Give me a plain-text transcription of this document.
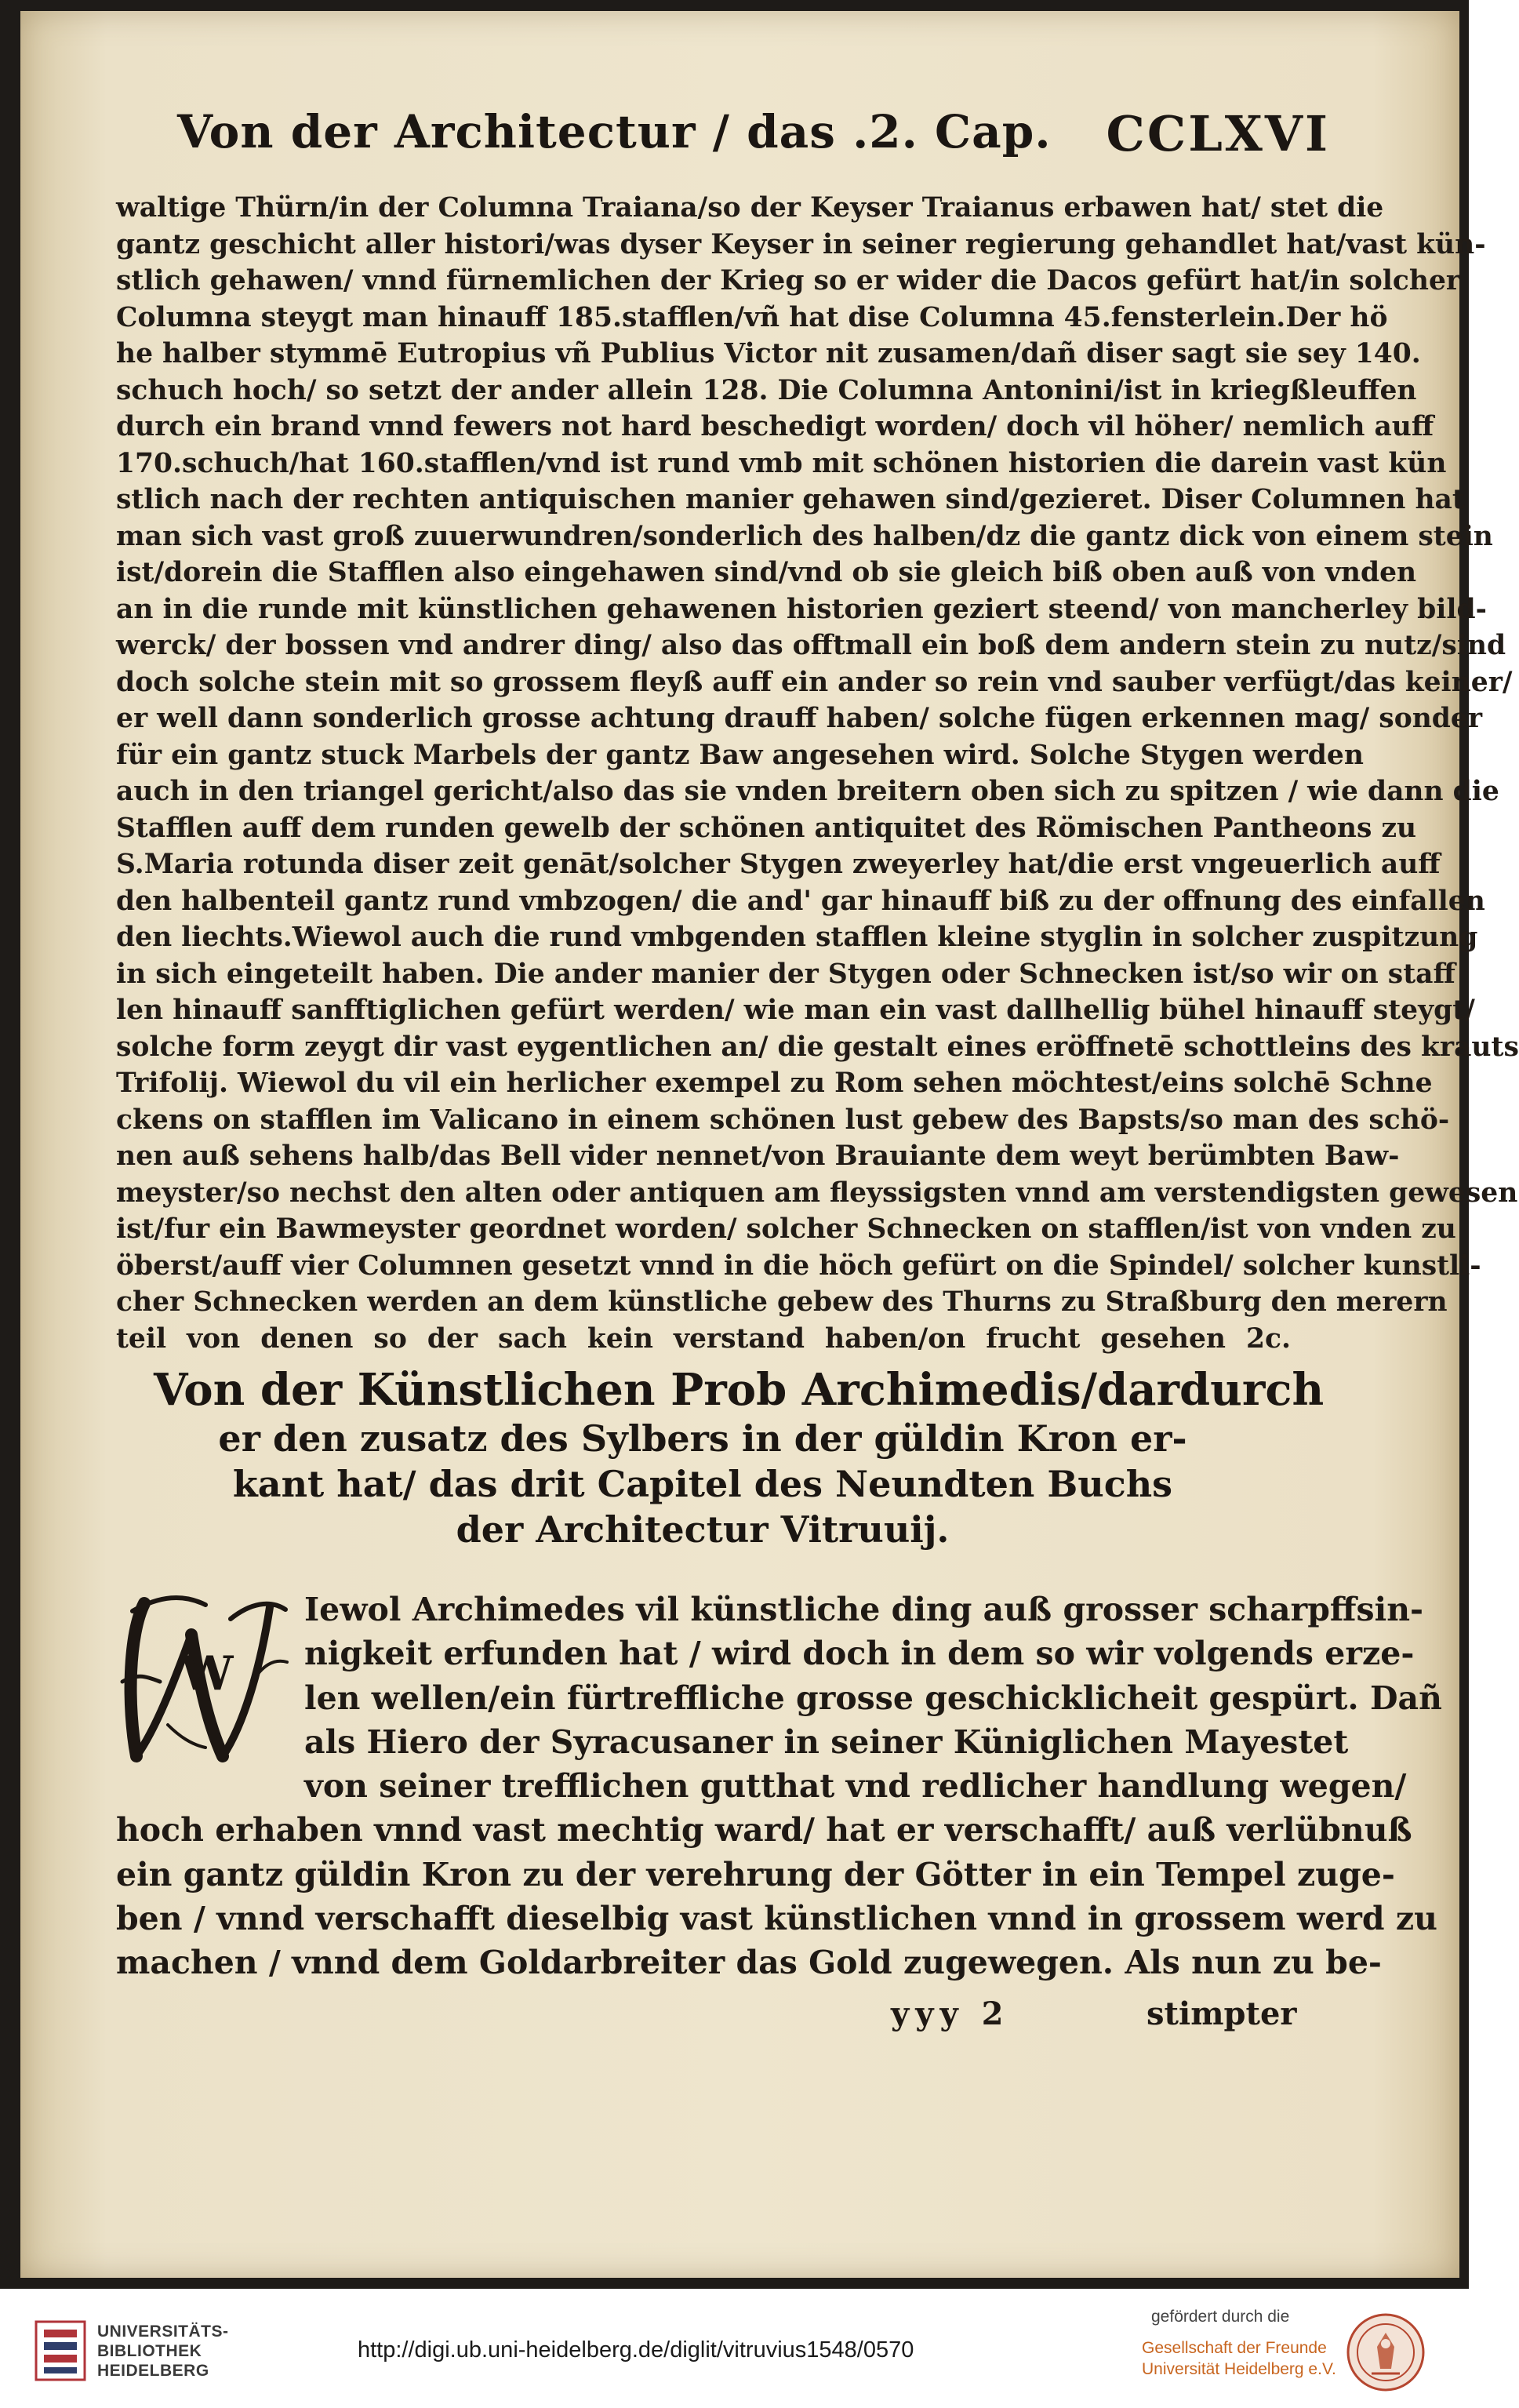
Von der Architectur / das .2. Cap. CCLXVI
waltige Thürn/in der Columna Traiana/so der Keyser Traianus erbawen hat/ stet die
gantz geschicht aller histori/was dyser Keyser in seiner regierung gehandlet hat/vast kün-
stlich gehawen/ vnnd fürnemlichen der Krieg so er wider die Dacos gefürt hat/in solcher
Columna steygt man hinauff 185.stafflen/vñ hat dise Columna 45.fensterlein.Der hö
he halber stymmē Eutropius vñ Publius Victor nit zusamen/dañ diser sagt sie sey 140.
schuch hoch/ so setzt der ander allein 128. Die Columna Antonini/ist in kriegßleuffen
durch ein brand vnnd fewers not hard beschedigt worden/ doch vil höher/ nemlich auff
170.schuch/hat 160.stafflen/vnd ist rund vmb mit schönen historien die darein vast kün
stlich nach der rechten antiquischen manier gehawen sind/gezieret. Diser Columnen hat
man sich vast groß zuuerwundren/sonderlich des halben/dz die gantz dick von einem stein
ist/dorein die Stafflen also eingehawen sind/vnd ob sie gleich biß oben auß von vnden
an in die runde mit künstlichen gehawenen historien geziert steend/ von mancherley bild-
werck/ der bossen vnd andrer ding/ also das offtmall ein boß dem andern stein zu nutz/sind
doch solche stein mit so grossem fleyß auff ein ander so rein vnd sauber verfügt/das keiner/
er well dann sonderlich grosse achtung drauff haben/ solche fügen erkennen mag/ sonder
für ein gantz stuck Marbels der gantz Baw angesehen wird. Solche Stygen werden
auch in den triangel gericht/also das sie vnden breitern oben sich zu spitzen / wie dann die
Stafflen auff dem runden gewelb der schönen antiquitet des Römischen Pantheons zu
S.Maria rotunda diser zeit genāt/solcher Stygen zweyerley hat/die erst vngeuerlich auff
den halbenteil gantz rund vmbzogen/ die and' gar hinauff biß zu der offnung des einfallen
den liechts.Wiewol auch die rund vmbgenden stafflen kleine styglin in solcher zuspitzung
in sich eingeteilt haben. Die ander manier der Stygen oder Schnecken ist/so wir on staff
len hinauff sanfftiglichen gefürt werden/ wie man ein vast dallhellig bühel hinauff steygt/
solche form zeygt dir vast eygentlichen an/ die gestalt eines eröffnetē schottleins des krauts
Trifolij. Wiewol du vil ein herlicher exempel zu Rom sehen möchtest/eins solchē Schne
ckens on stafflen im Valicano in einem schönen lust gebew des Bapsts/so man des schö-
nen auß sehens halb/das Bell vider nennet/von Brauiante dem weyt berümbten Baw-
meyster/so nechst den alten oder antiquen am fleyssigsten vnnd am verstendigsten gewesen
ist/fur ein Bawmeyster geordnet worden/ solcher Schnecken on stafflen/ist von vnden zu
öberst/auff vier Columnen gesetzt vnnd in die höch gefürt on die Spindel/ solcher kunstli-
cher Schnecken werden an dem künstliche gebew des Thurns zu Straßburg den merern
teil von denen so der sach kein verstand haben/on frucht gesehen 2c.
Von der Künstlichen Prob Archimedis/dardurch
er den zusatz des Sylbers in der güldin Kron er-
kant hat/ das drit Capitel des Neundten Buchs
der Architectur Vitruuij.
W
Iewol Archimedes vil künstliche ding auß grosser scharpffsin-
nigkeit erfunden hat / wird doch in dem so wir volgends erze-
len wellen/ein fürtreffliche grosse geschicklicheit gespürt. Dañ
als Hiero der Syracusaner in seiner Küniglichen Mayestet
von seiner trefflichen gutthat vnd redlicher handlung wegen/
hoch erhaben vnnd vast mechtig ward/ hat er verschafft/ auß verlübnuß
ein gantz güldin Kron zu der verehrung der Götter in ein Tempel zuge-
ben / vnnd verschafft dieselbig vast künstlichen vnnd in grossem werd zu
machen / vnnd dem Goldarbreiter das Gold zugewegen. Als nun zu be-
yyy 2	stimpter
UNIVERSITÄTS-
BIBLIOTHEK
HEIDELBERG
http://digi.ub.uni-heidelberg.de/diglit/vitruvius1548/0570
gefördert durch die
Gesellschaft der Freunde
Universität Heidelberg e.V.
